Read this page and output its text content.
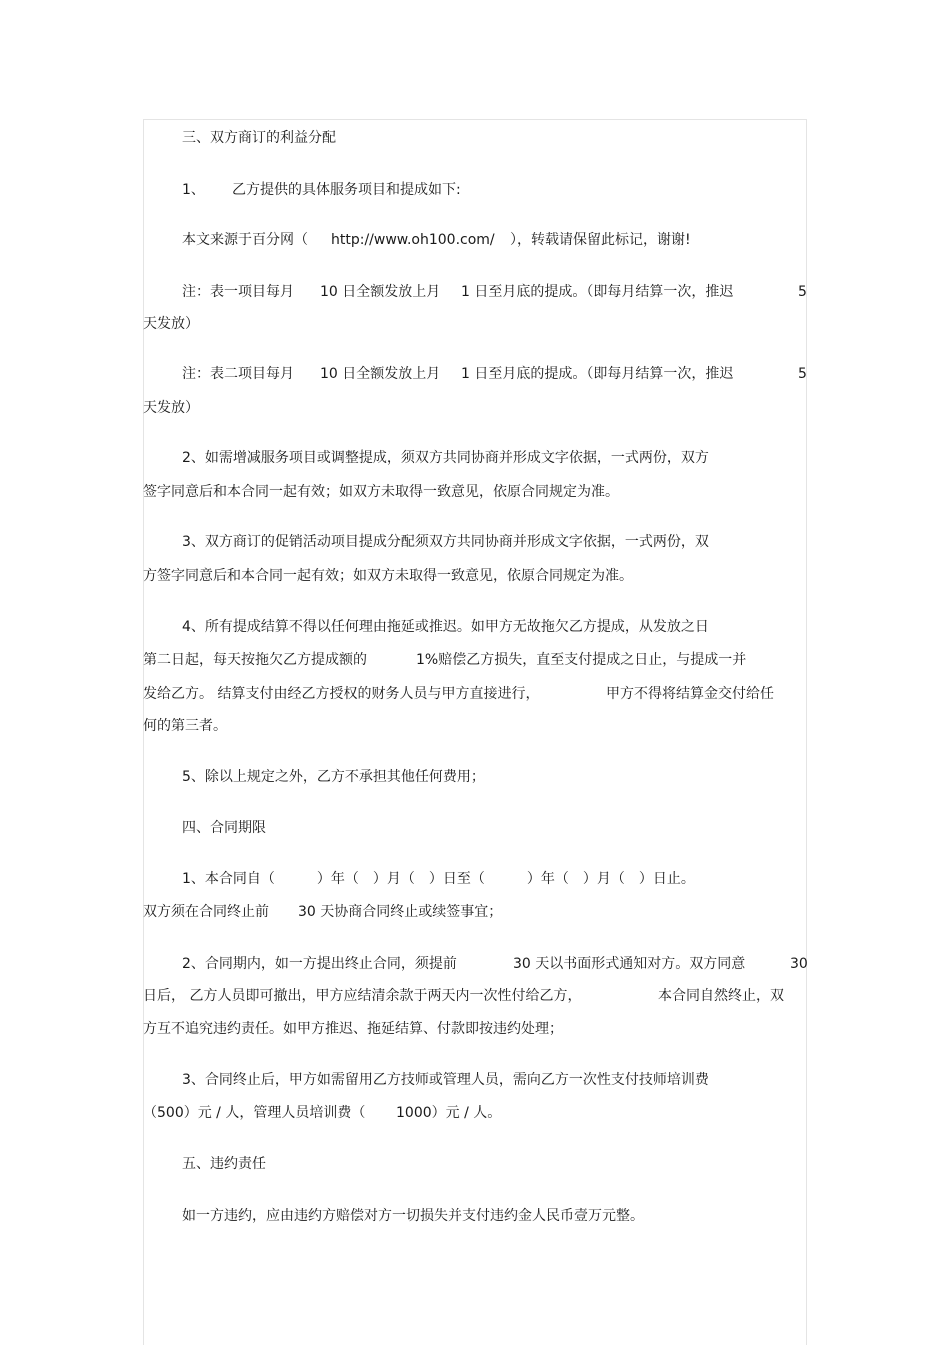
三、双方商订的利益分配
1、 乙方提供的具体服务项目和提成如下:
本文来源于百分网（ http://www.oh100.com/ ），转载请保留此标记，谢谢!
注：表一项目每月 10 日全额发放上月 1 日至月底的提成。（即每月结算一次，推迟	5
天发放）
注：表二项目每月 10 日全额发放上月 1 日至月底的提成。（即每月结算一次，推迟	5
天发放）
2、如需增减服务项目或调整提成，须双方共同协商并形成文字依据，一式两份，双方
签字同意后和本合同一起有效；如双方未取得一致意见，依原合同规定为准。
3、双方商订的促销活动项目提成分配须双方共同协商并形成文字依据，一式两份，双
方签字同意后和本合同一起有效；如双方未取得一致意见，依原合同规定为准。
4、所有提成结算不得以任何理由拖延或推迟。如甲方无故拖欠乙方提成，从发放之日
第二日起，每天按拖欠乙方提成额的	1%赔偿乙方损失，直至支付提成之日止，与提成一并
发给乙方。 结算支付由经乙方授权的财务人员与甲方直接进行，	甲方不得将结算金交付给任
何的第三者。
5、除以上规定之外，乙方不承担其他任何费用；
四、合同期限
1、本合同自（　　　）年（　）月（　）日至（　　　）年（　）月（　）日止。
双方须在合同终止前 30 天协商合同终止或续签事宜；
2、合同期内，如一方提出终止合同，须提前	30 天以书面形式通知对方。双方同意	30
日后， 乙方人员即可撤出，甲方应结清余款于两天内一次性付给乙方，	本合同自然终止，双
方互不追究违约责任。如甲方推迟、拖延结算、付款即按违约处理；
3、合同终止后，甲方如需留用乙方技师或管理人员，需向乙方一次性支付技师培训费
（500）元 / 人，管理人员培训费（ 1000）元 / 人。
五、违约责任
如一方违约，应由违约方赔偿对方一切损失并支付违约金人民币壹万元整。
